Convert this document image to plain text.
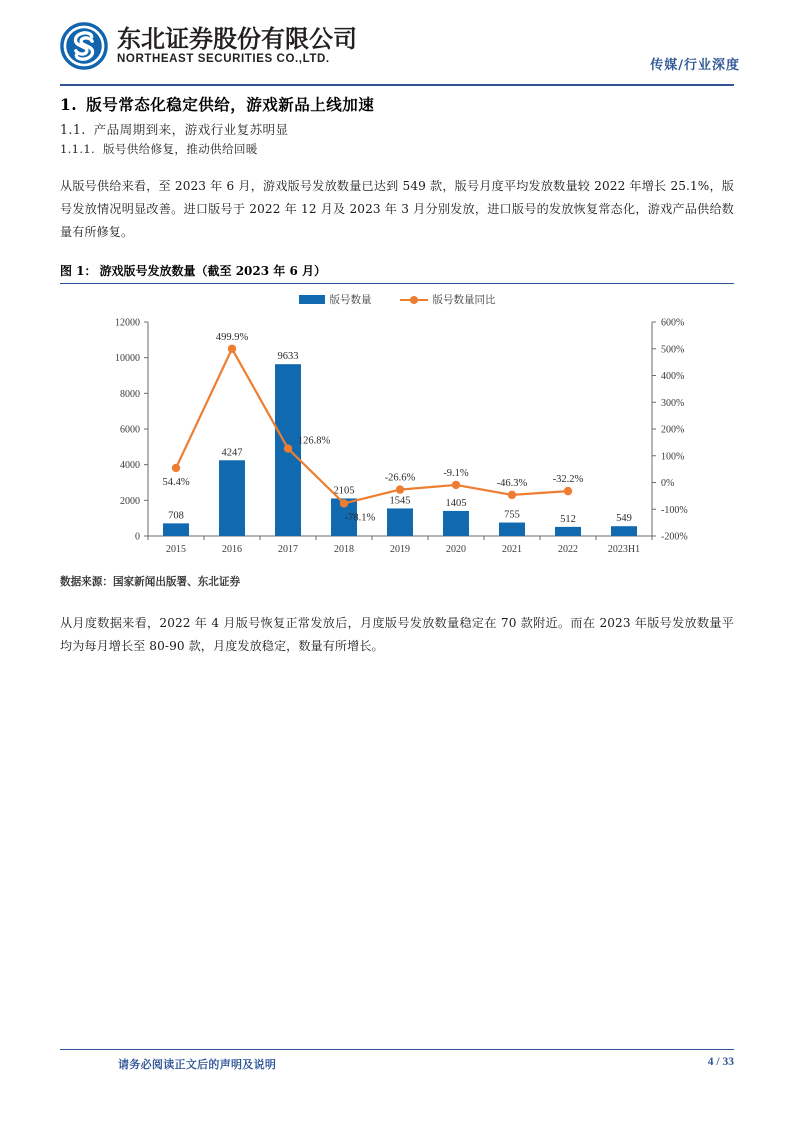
东北证券股份有限公司
NORTHEAST SECURITIES CO.,LTD.	传媒/行业深度
1. 版号常态化稳定供给，游戏新品上线加速
1.1. 产品周期到来，游戏行业复苏明显
1.1.1. 版号供给修复，推动供给回暖
从版号供给来看，至 2023 年 6 月，游戏版号发放数量已达到 549 款，版号月度平均发放数量较 2022 年增长 25.1%，版号发放情况明显改善。进口版号于 2022 年 12 月及 2023 年 3 月分别发放，进口版号的发放恢复常态化，游戏产品供给数量有所修复。
图 1： 游戏版号发放数量（截至 2023 年 6 月）
版号数量	版号数量同比
0
2000
4000
6000
8000
10000
12000
-200%
-100%
0%
100%
200%
300%
400%
500%
600%
708
2015
4247
2016
9633
2017
2105
2018
1545
2019
1405
2020
755
2021
512
2022
549
2023H1
54.4%
499.9%
126.8%
-78.1%
-26.6%	-9.1%
-46.3% -32.2%
数据来源：国家新闻出版署、东北证券
从月度数据来看，2022 年 4 月版号恢复正常发放后，月度版号发放数量稳定在 70 款附近。而在 2023 年版号发放数量平均为每月增长至 80-90 款，月度发放稳定，数量有所增长。
请务必阅读正文后的声明及说明	4 / 33
